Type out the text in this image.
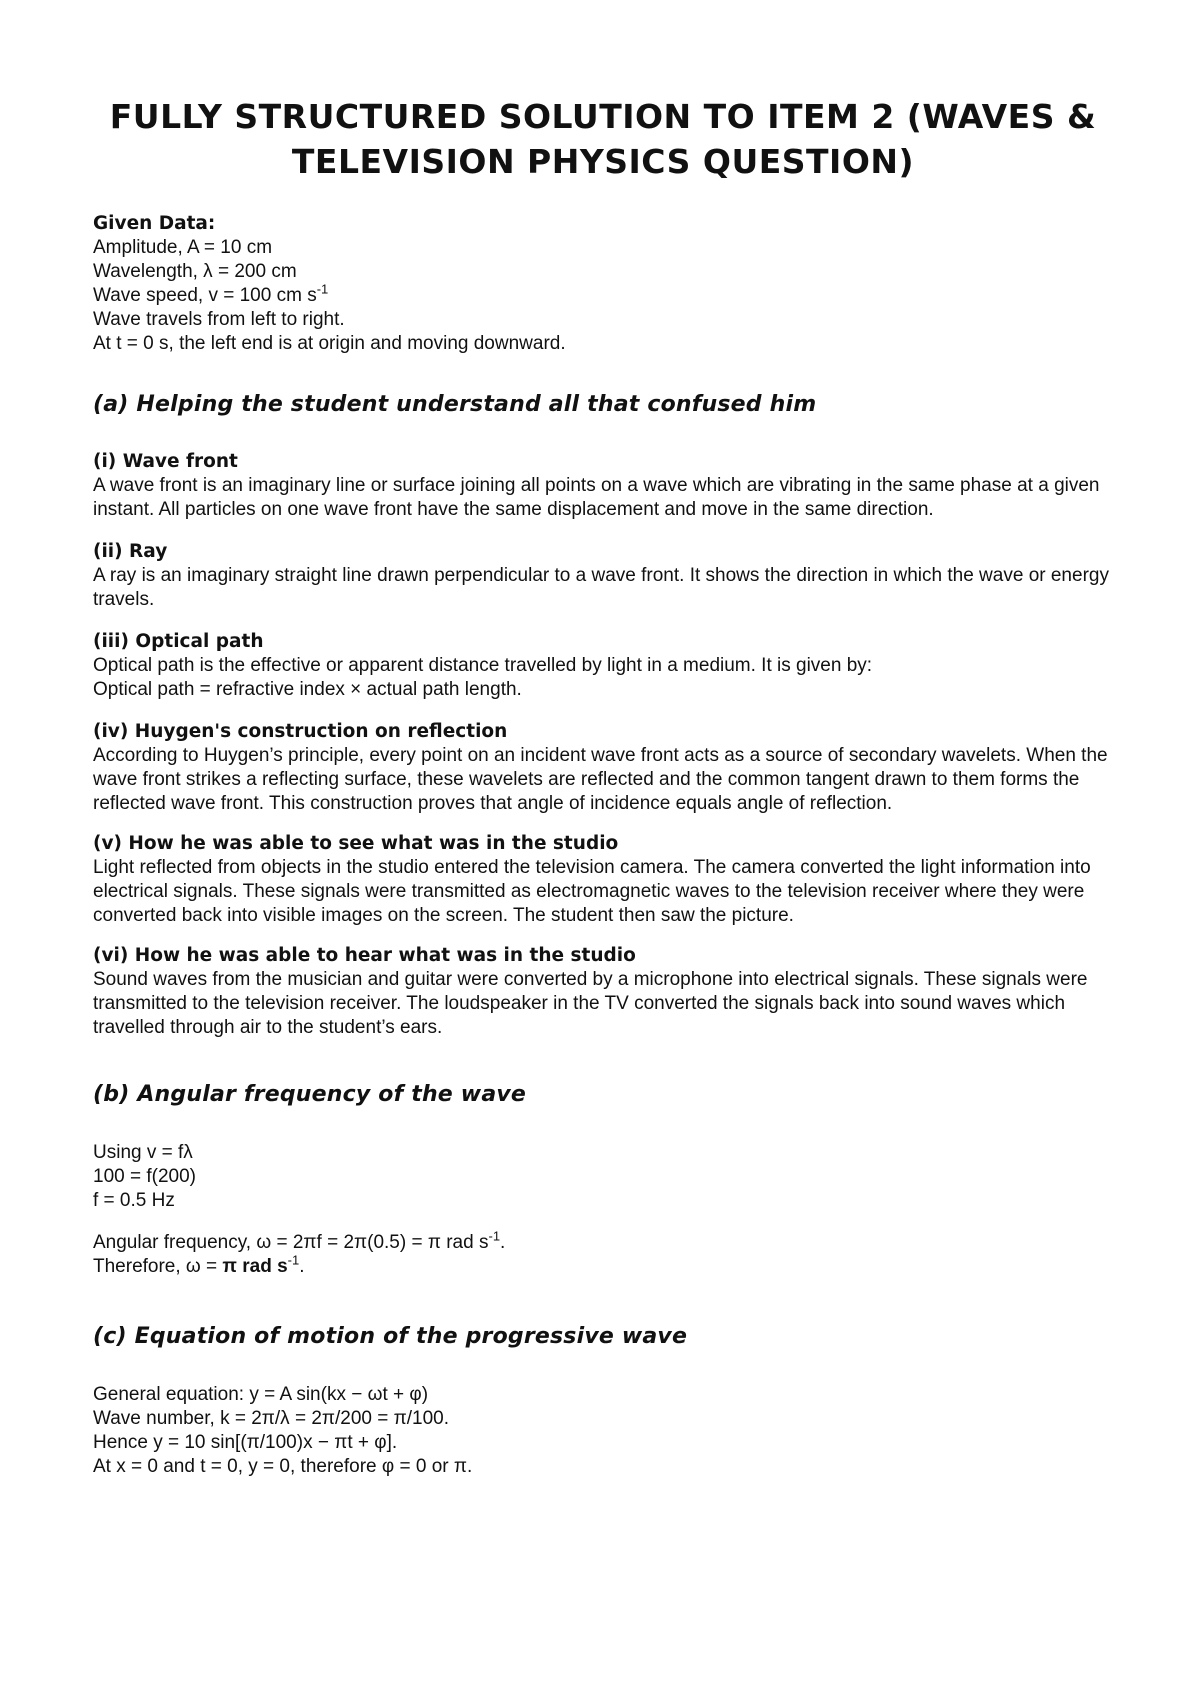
FULLY STRUCTURED SOLUTION TO ITEM 2 (WAVES & TELEVISION PHYSICS QUESTION)

Given Data:

Amplitude, A = 10 cm

Wavelength, λ = 200 cm

Wave speed, v = 100 cm $s^{-1}$

Wave travels from left to right.

At t = 0 s, the left end is at origin and moving downward.

(a) Helping the student understand all that confused him

(i) Wave front

A wave front is an imaginary line or surface joining all points on a wave which are vibrating in the same phase at a given instant. All particles on one wave front have the same displacement and move in the same direction.

(ii) Ray

A ray is an imaginary straight line drawn perpendicular to a wave front. It shows the direction in which the wave or energy travels.

(iii) Optical path

Optical path is the effective or apparent distance travelled by light in a medium. It is given by:

Optical path = refractive index × actual path length.

(iv) Huygen's construction on reflection

According to Huygen’s principle, every point on an incident wave front acts as a source of secondary wavelets. When the wave front strikes a reflecting surface, these wavelets are reflected and the common tangent drawn to them forms the reflected wave front. This construction proves that angle of incidence equals angle of reflection.

(v) How he was able to see what was in the studio

Light reflected from objects in the studio entered the television camera. The camera converted the light information into electrical signals. These signals were transmitted as electromagnetic waves to the television receiver where they were converted back into visible images on the screen. The student then saw the picture.

(vi) How he was able to hear what was in the studio

Sound waves from the musician and guitar were converted by a microphone into electrical signals. These signals were transmitted to the television receiver. The loudspeaker in the TV converted the signals back into sound waves which travelled through air to the student’s ears.

(b) Angular frequency of the wave

Using v = fλ

100 = f(200)

f = 0.5 Hz

Angular frequency, ω = 2πf = 2π(0.5) = π rad $s^{-1}$.

Therefore, ω = π rad $s^{-1}$.

(c) Equation of motion of the progressive wave

General equation: y = A sin(kx − ωt + φ)

Wave number, k = 2π/λ = 2π/200 = π/100.

Hence y = 10 sin[(π/100)x − πt + φ].

At x = 0 and t = 0, y = 0, therefore φ = 0 or π.
